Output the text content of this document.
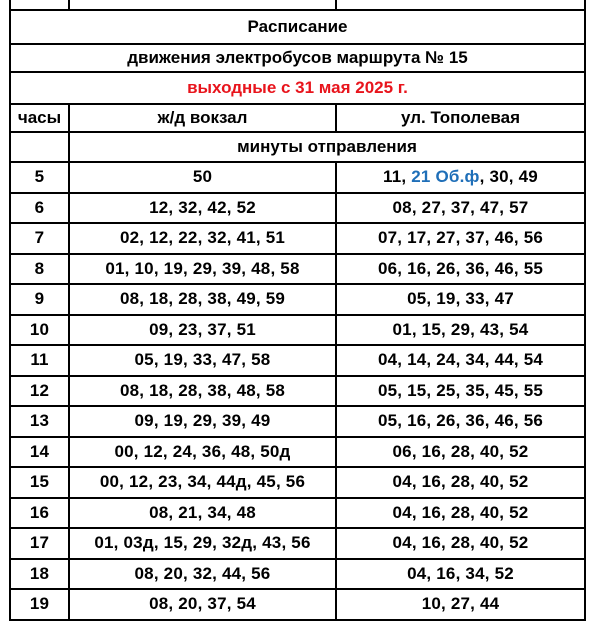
Расписание		
движения электробусов маршрута № 15		
выходные с 31 мая 2025 г.		
часы	ж/д вокзал	ул. Тополевая
	минуты отправления	
5	50	11, 21 Об.ф, 30, 49
6	12, 32, 42, 52	08, 27, 37, 47, 57
7	02, 12, 22, 32, 41, 51	07, 17, 27, 37, 46, 56
8	01, 10, 19, 29, 39, 48, 58	06, 16, 26, 36, 46, 55
9	08, 18, 28, 38, 49, 59	05, 19, 33, 47
10	09, 23, 37, 51	01, 15, 29, 43, 54
11	05, 19, 33, 47, 58	04, 14, 24, 34, 44, 54
12	08, 18, 28, 38, 48, 58	05, 15, 25, 35, 45, 55
13	09, 19, 29, 39, 49	05, 16, 26, 36, 46, 56
14	00, 12, 24, 36, 48, 50д	06, 16, 28, 40, 52
15	00, 12, 23, 34, 44д, 45, 56	04, 16, 28, 40, 52
16	08, 21, 34, 48	04, 16, 28, 40, 52
17	01, 03д, 15, 29, 32д, 43, 56	04, 16, 28, 40, 52
18	08, 20, 32, 44, 56	04, 16, 34, 52
19	08, 20, 37, 54	10, 27, 44
